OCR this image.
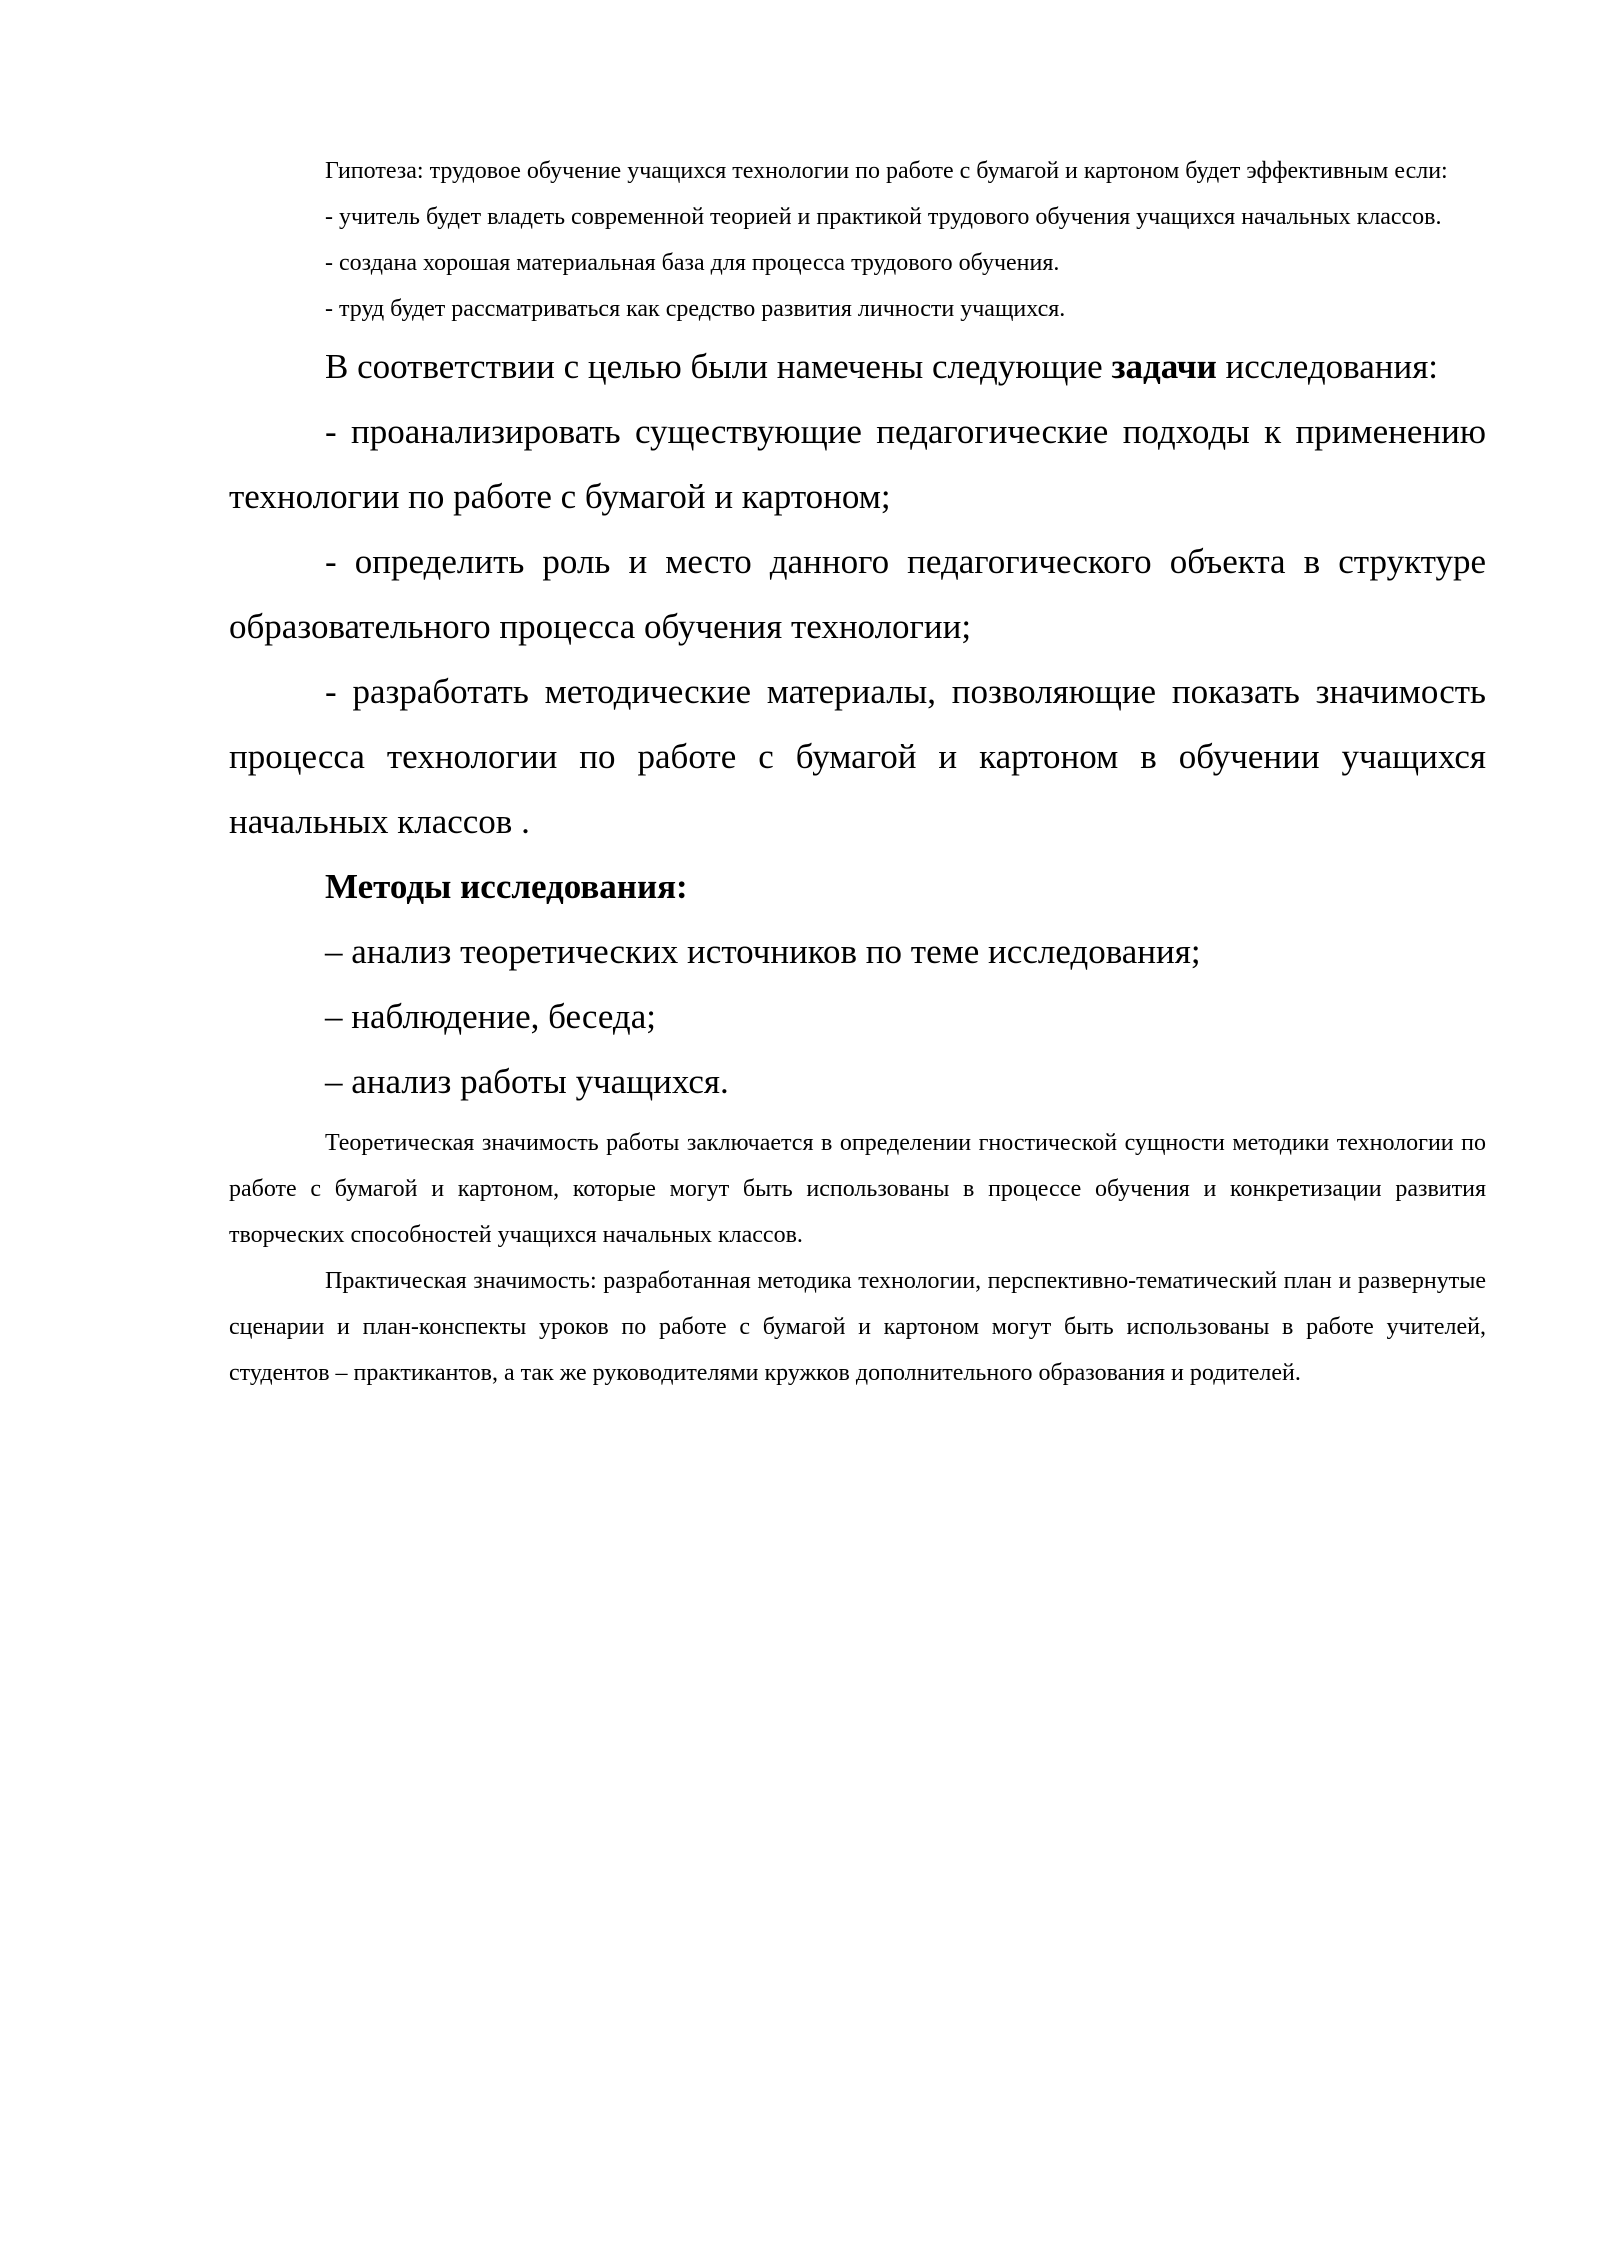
Гипотеза: трудовое обучение учащихся технологии по работе с бумагой и картоном будет эффективным если:

- учитель будет владеть современной теорией и практикой трудового обучения учащихся начальных классов.

- создана хорошая материальная база для процесса трудового обучения.

- труд будет рассматриваться как средство развития личности учащихся.

В соответствии с целью были намечены следующие задачи исследования:

- проанализировать существующие педагогические подходы к применению технологии по работе с бумагой и картоном;

- определить роль и место данного педагогического объекта в структуре образовательного процесса обучения технологии;

- разработать методические материалы, позволяющие показать значимость процесса технологии по работе с бумагой и картоном в обучении учащихся начальных классов .

Методы исследования:

– анализ теоретических источников по теме исследования;

– наблюдение, беседа;

– анализ работы учащихся.

Теоретическая значимость работы заключается в определении гностической сущности методики технологии по работе с бумагой и картоном, которые могут быть использованы в процессе обучения и конкретизации развития творческих способностей учащихся начальных классов.

Практическая значимость: разработанная методика технологии, перспективно-тематический план и развернутые сценарии и план-конспекты уроков по работе с бумагой и картоном могут быть использованы в работе учителей, студентов – практикантов, а так же руководителями кружков дополнительного образования и родителей.
